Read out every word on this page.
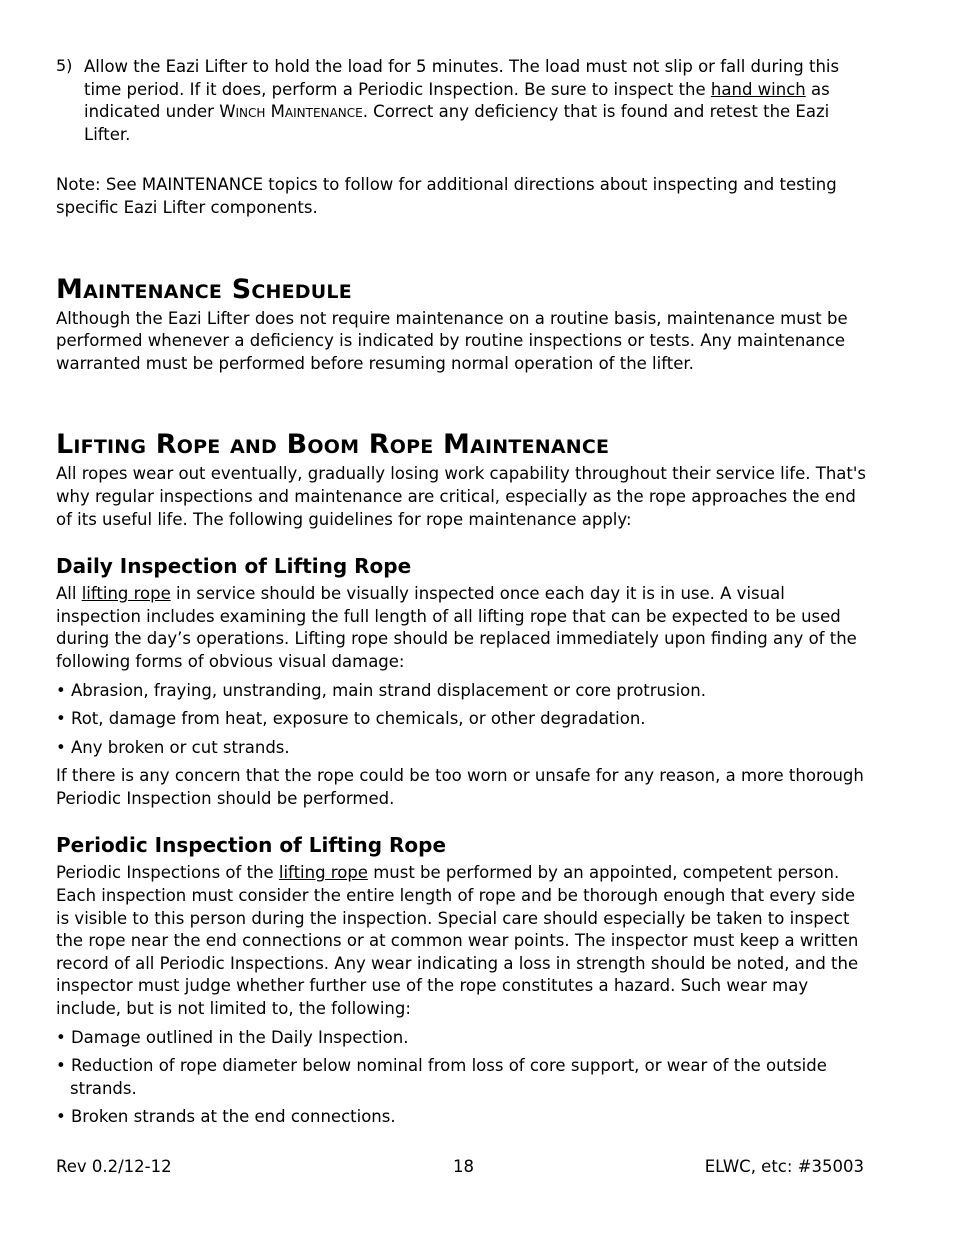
5) Allow the Eazi Lifter to hold the load for 5 minutes. The load must not slip or fall during this time period. If it does, perform a Periodic Inspection. Be sure to inspect the hand winch as indicated under Winch Maintenance. Correct any deficiency that is found and retest the Eazi Lifter.

Note: See MAINTENANCE topics to follow for additional directions about inspecting and testing specific Eazi Lifter components.

Maintenance Schedule

Although the Eazi Lifter does not require maintenance on a routine basis, maintenance must be performed whenever a deficiency is indicated by routine inspections or tests. Any maintenance warranted must be performed before resuming normal operation of the lifter.

Lifting Rope and Boom Rope Maintenance

All ropes wear out eventually, gradually losing work capability throughout their service life. That's why regular inspections and maintenance are critical, especially as the rope approaches the end of its useful life. The following guidelines for rope maintenance apply:

Daily Inspection of Lifting Rope

All lifting rope in service should be visually inspected once each day it is in use. A visual inspection includes examining the full length of all lifting rope that can be expected to be used during the day’s operations. Lifting rope should be replaced immediately upon finding any of the following forms of obvious visual damage:

• Abrasion, fraying, unstranding, main strand displacement or core protrusion.

• Rot, damage from heat, exposure to chemicals, or other degradation.

• Any broken or cut strands.

If there is any concern that the rope could be too worn or unsafe for any reason, a more thorough Periodic Inspection should be performed.

Periodic Inspection of Lifting Rope

Periodic Inspections of the lifting rope must be performed by an appointed, competent person. Each inspection must consider the entire length of rope and be thorough enough that every side is visible to this person during the inspection. Special care should especially be taken to inspect the rope near the end connections or at common wear points. The inspector must keep a written record of all Periodic Inspections. Any wear indicating a loss in strength should be noted, and the inspector must judge whether further use of the rope constitutes a hazard. Such wear may include, but is not limited to, the following:

• Damage outlined in the Daily Inspection.

• Reduction of rope diameter below nominal from loss of core support, or wear of the outside strands.

• Broken strands at the end connections.

Rev 0.2/12-12	18	ELWC, etc: #35003
